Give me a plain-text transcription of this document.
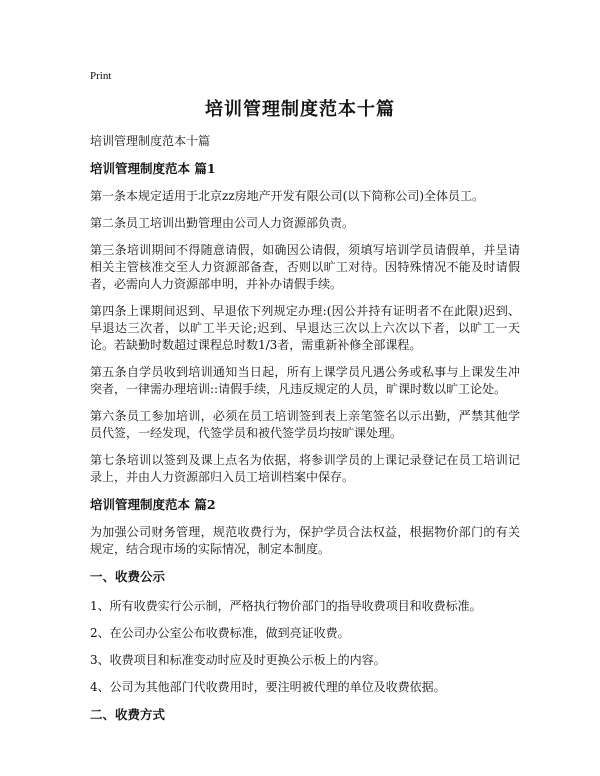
Print
培训管理制度范本十篇

培训管理制度范本十篇

培训管理制度范本 篇1

第一条本规定适用于北京zz房地产开发有限公司(以下简称公司)全体员工。

第二条员工培训出勤管理由公司人力资源部负责。

第三条培训期间不得随意请假，如确因公请假，须填写培训学员请假单，并呈请相关主管核准交至人力资源部备查，否则以旷工对待。因特殊情况不能及时请假者，必需向人力资源部申明，并补办请假手续。

第四条上课期间迟到、早退依下列规定办理:(因公并持有证明者不在此限)迟到、早退达三次者，以旷工半天论;迟到、早退达三次以上六次以下者，以旷工一天论。若缺勤时数超过课程总时数1/3者，需重新补修全部课程。

第五条自学员收到培训通知当日起，所有上课学员凡遇公务或私事与上课发生冲突者，一律需办理培训::请假手续，凡违反规定的人员，旷课时数以旷工论处。

第六条员工参加培训，必须在员工培训签到表上亲笔签名以示出勤，严禁其他学员代签，一经发现，代签学员和被代签学员均按旷课处理。

第七条培训以签到及课上点名为依据，将参训学员的上课记录登记在员工培训记录上，并由人力资源部归入员工培训档案中保存。

培训管理制度范本 篇2

为加强公司财务管理，规范收费行为，保护学员合法权益，根据物价部门的有关规定，结合现市场的实际情况，制定本制度。

一、收费公示

1、所有收费实行公示制，严格执行物价部门的指导收费项目和收费标准。

2、在公司办公室公布收费标准，做到亮证收费。

3、收费项目和标准变动时应及时更换公示板上的内容。

4、公司为其他部门代收费用时，要注明被代理的单位及收费依据。

二、收费方式
